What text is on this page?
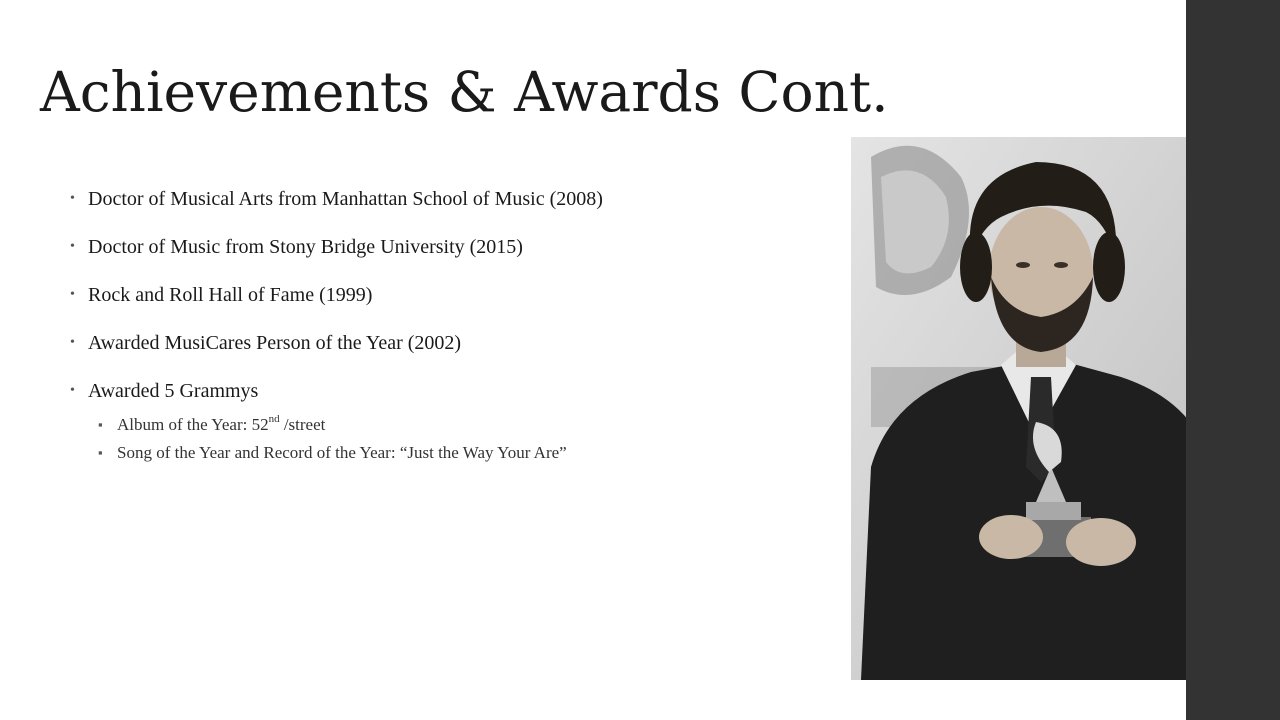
Achievements & Awards Cont.
• Doctor of Musical Arts from Manhattan School of Music (2008)
• Doctor of Music from Stony Bridge University (2015)
• Rock and Roll Hall of Fame (1999)
• Awarded MusiCares Person of the Year (2002)
• Awarded 5 Grammys
▪ Album of the Year: 52nd /street
▪ Song of the Year and Record of the Year: “Just the Way Your Are”
